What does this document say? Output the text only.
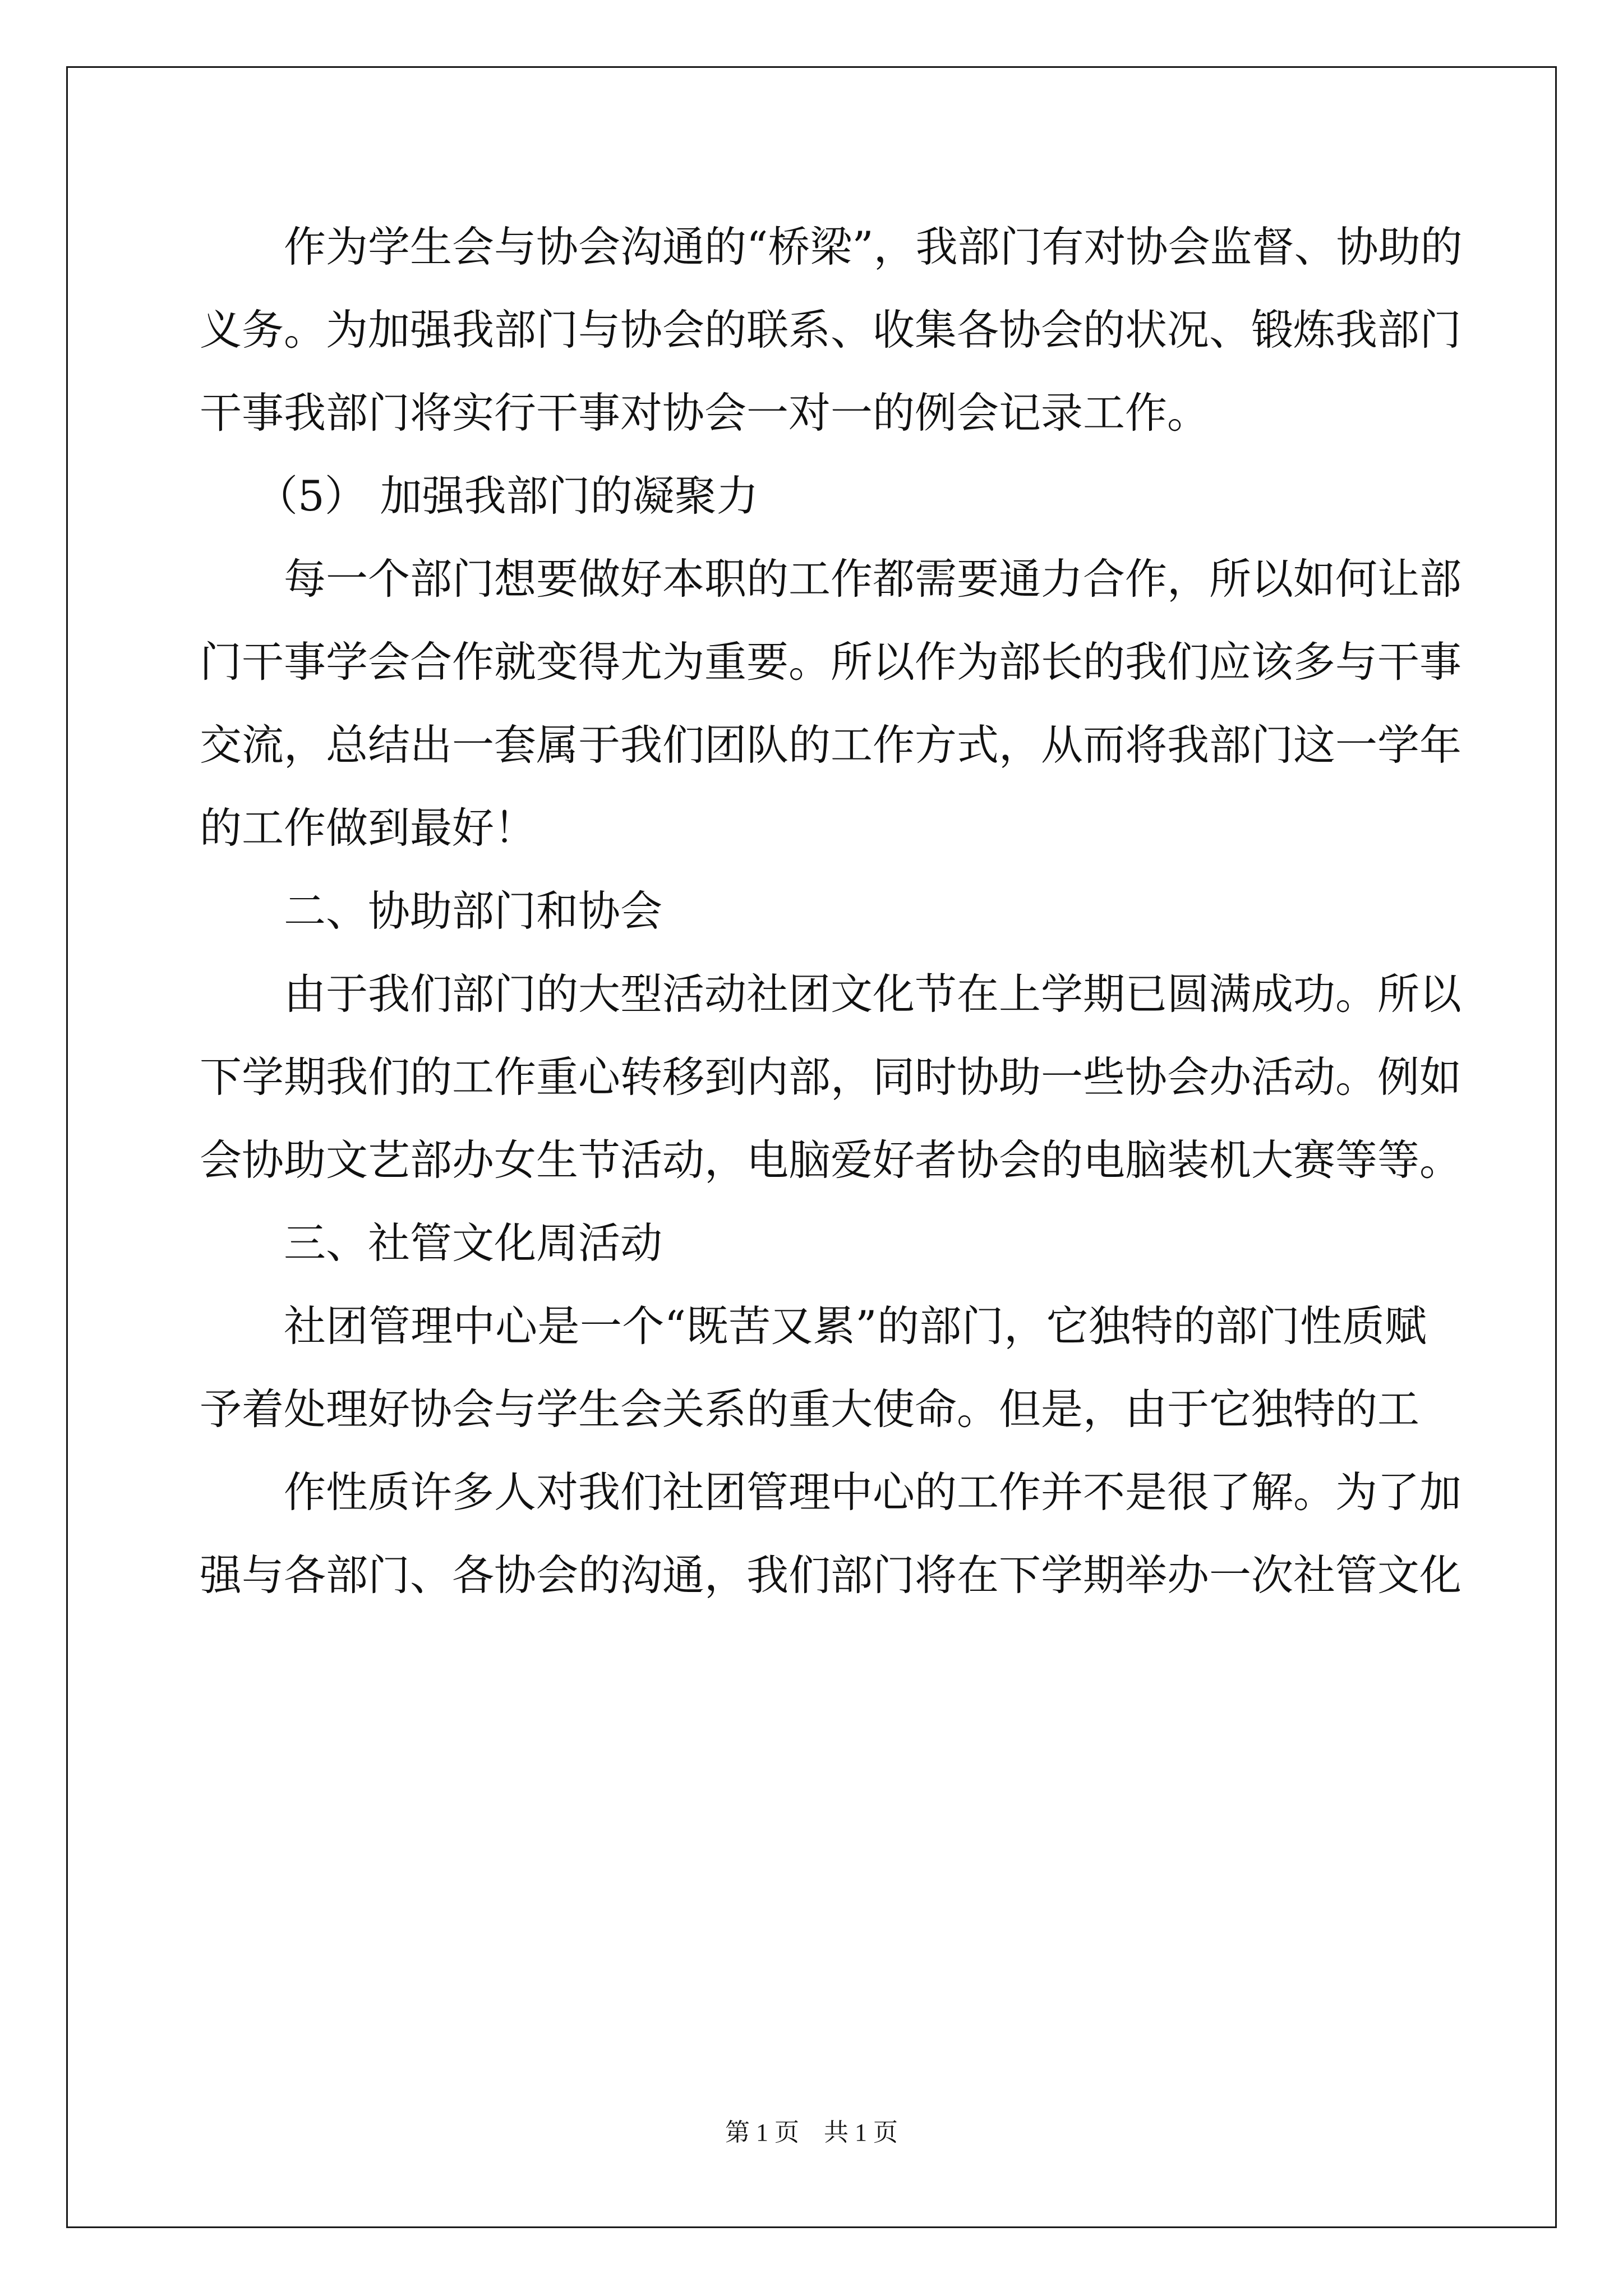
作为学生会与协会沟通的“桥梁”，我部门有对协会监督、协助的
义务。为加强我部门与协会的联系、收集各协会的状况、锻炼我部门
干事我部门将实行干事对协会一对一的例会记录工作。
（5） 加强我部门的凝聚力
每一个部门想要做好本职的工作都需要通力合作，所以如何让部
门干事学会合作就变得尤为重要。所以作为部长的我们应该多与干事
交流，总结出一套属于我们团队的工作方式，从而将我部门这一学年
的工作做到最好！
二、协助部门和协会
由于我们部门的大型活动社团文化节在上学期已圆满成功。所以
下学期我们的工作重心转移到内部，同时协助一些协会办活动。例如
会协助文艺部办女生节活动，电脑爱好者协会的电脑装机大赛等等。
三、社管文化周活动
社团管理中心是一个“既苦又累”的部门，它独特的部门性质赋
予着处理好协会与学生会关系的重大使命。但是，由于它独特的工
作性质许多人对我们社团管理中心的工作并不是很了解。为了加
强与各部门、各协会的沟通，我们部门将在下学期举办一次社管文化
第 1 页　共 1 页
